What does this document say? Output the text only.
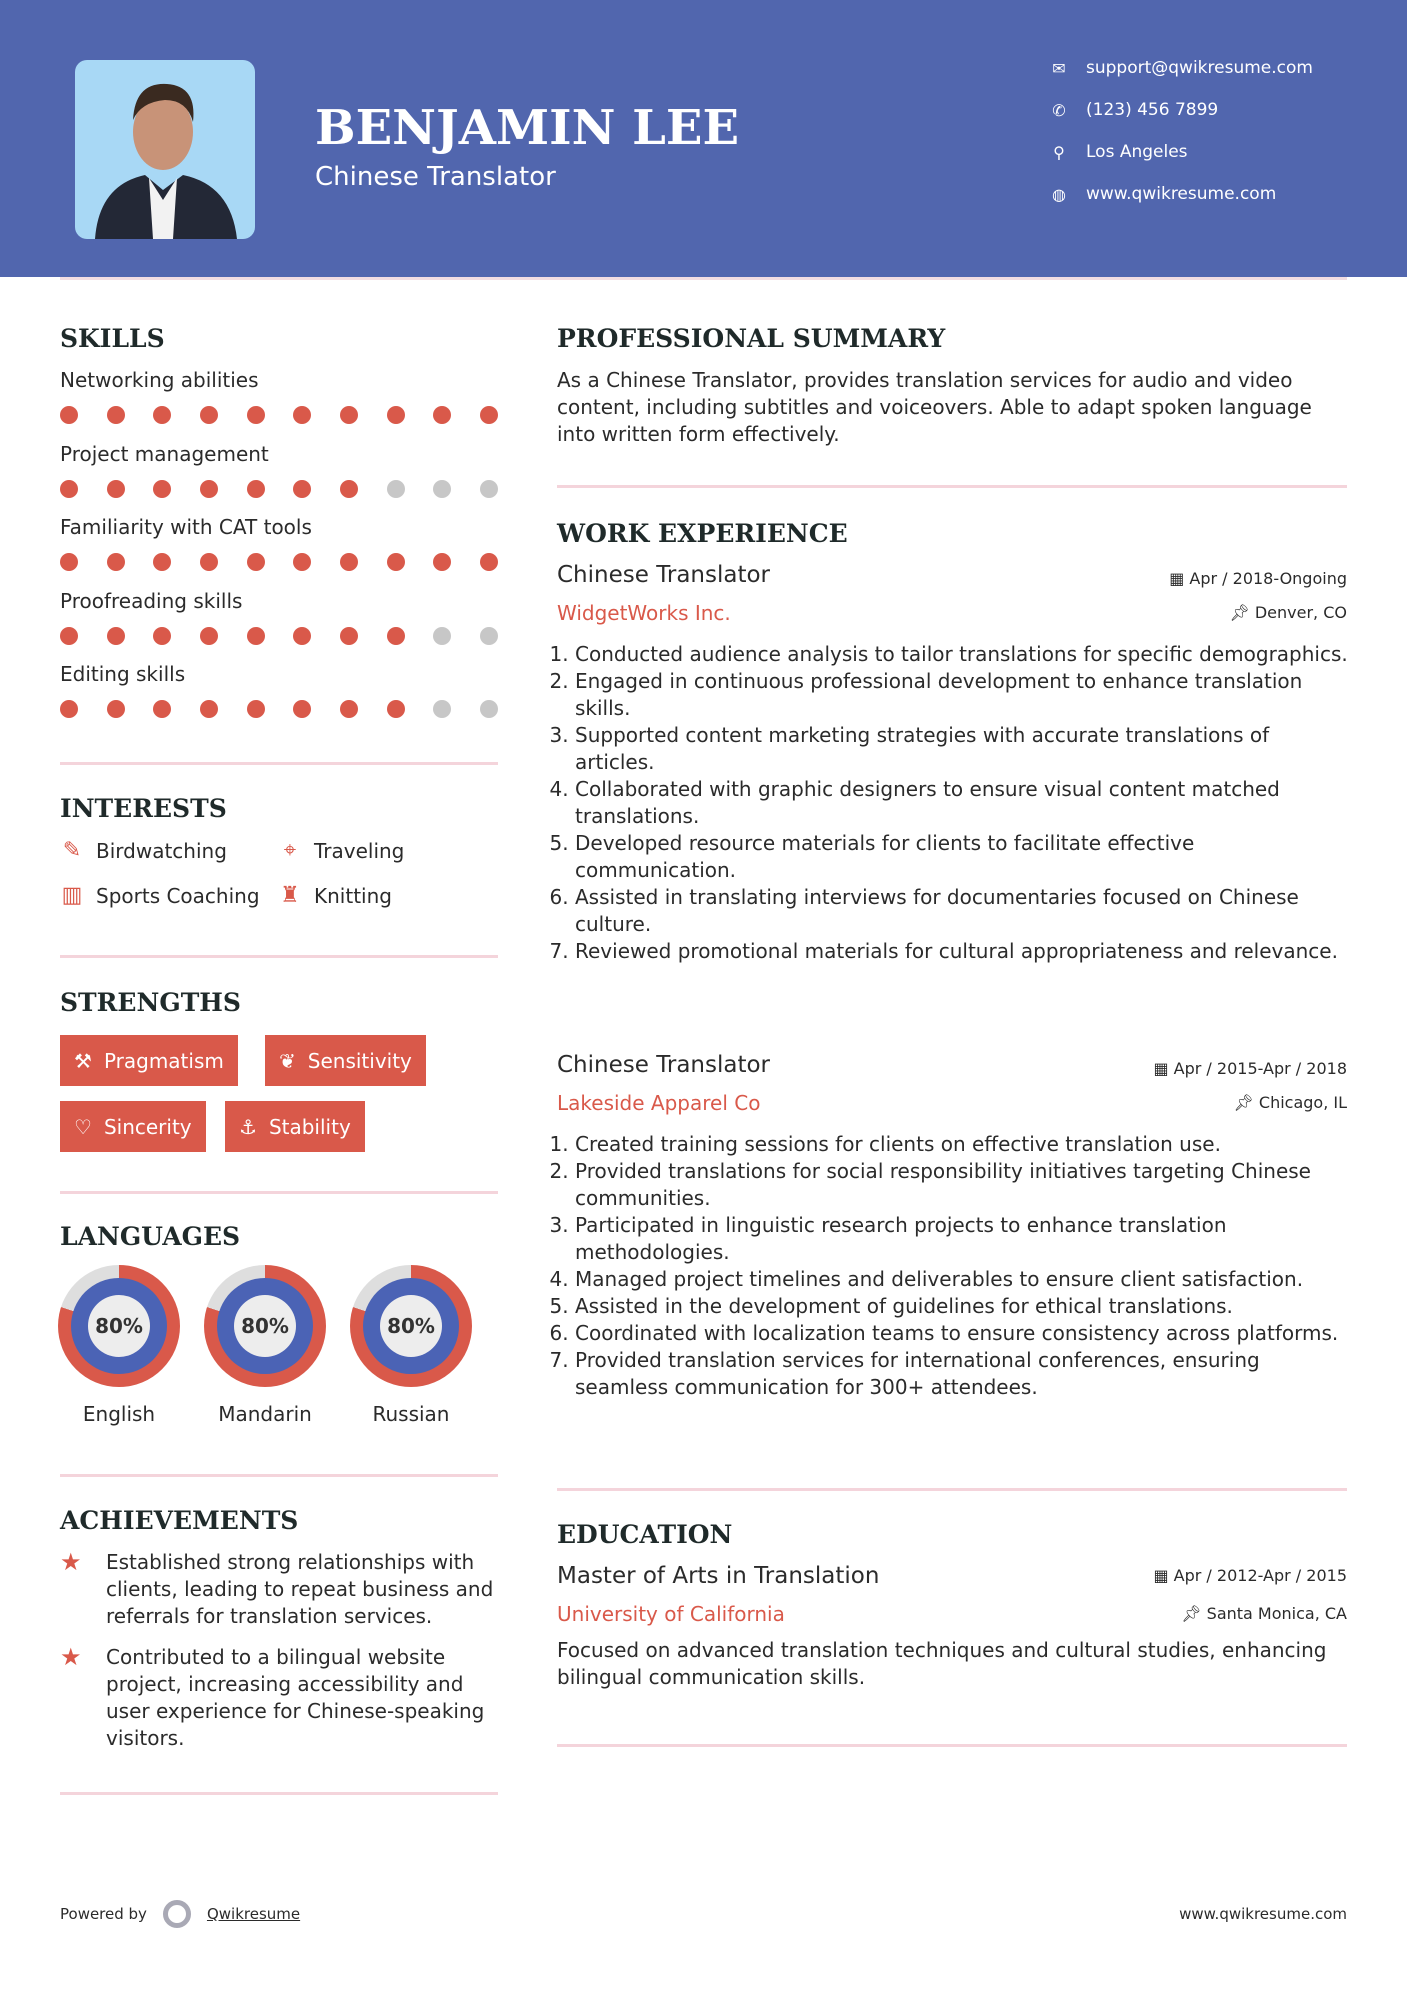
BENJAMIN LEE
Chinese Translator
✉ support@qwikresume.com
✆ (123) 456 7899
⚲ Los Angeles
◍ www.qwikresume.com
SKILLS
Networking abilities
Project management
Familiarity with CAT tools
Proofreading skills
Editing skills
INTERESTS
✎ Birdwatching	⌖ Traveling
▥ Sports Coaching ♜ Knitting
STRENGTHS
⚒ Pragmatism	❦ Sensitivity
♡ Sincerity ⚓ Stability
LANGUAGES
80%
English
80%
Mandarin
80%
Russian
ACHIEVEMENTS
★	Established strong relationships with clients, leading to repeat business and referrals for translation services.
★	Contributed to a bilingual website project, increasing accessibility and user experience for Chinese-speaking visitors.
PROFESSIONAL SUMMARY
As a Chinese Translator, provides translation services for audio and video content, including subtitles and voiceovers. Able to adapt spoken language into written form effectively.
WORK EXPERIENCE
Chinese Translator	▦ Apr / 2018-Ongoing
WidgetWorks Inc.	📌︎ Denver, CO
1. Conducted audience analysis to tailor translations for specific demographics.
2. Engaged in continuous professional development to enhance translation skills.
3. Supported content marketing strategies with accurate translations of articles.
4. Collaborated with graphic designers to ensure visual content matched translations.
5. Developed resource materials for clients to facilitate effective communication.
6. Assisted in translating interviews for documentaries focused on Chinese culture.
7. Reviewed promotional materials for cultural appropriateness and relevance.
Chinese Translator	▦ Apr / 2015-Apr / 2018
Lakeside Apparel Co	📌︎ Chicago, IL
1. Created training sessions for clients on effective translation use.
2. Provided translations for social responsibility initiatives targeting Chinese communities.
3. Participated in linguistic research projects to enhance translation methodologies.
4. Managed project timelines and deliverables to ensure client satisfaction.
5. Assisted in the development of guidelines for ethical translations.
6. Coordinated with localization teams to ensure consistency across platforms.
7. Provided translation services for international conferences, ensuring seamless communication for 300+ attendees.
EDUCATION
Master of Arts in Translation	▦ Apr / 2012-Apr / 2015
University of California	📌︎ Santa Monica, CA
Focused on advanced translation techniques and cultural studies, enhancing bilingual communication skills.
Powered by	Qwikresume	www.qwikresume.com
